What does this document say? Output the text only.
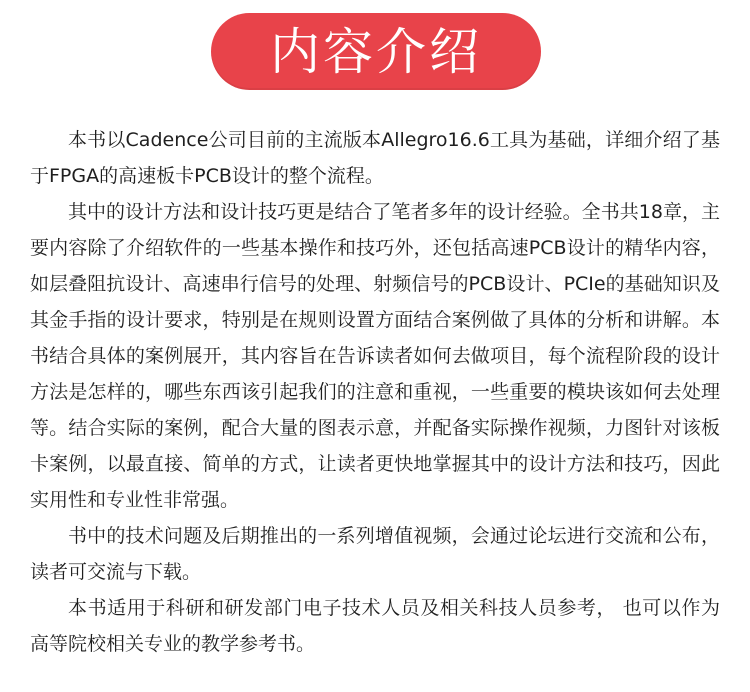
内容介绍

本书以Cadence公司目前的主流版本Allegro16.6工具为基础，详细介绍了基于FPGA的高速板卡PCB设计的整个流程。

其中的设计方法和设计技巧更是结合了笔者多年的设计经验。全书共18章，主要内容除了介绍软件的一些基本操作和技巧外，还包括高速PCB设计的精华内容，如层叠阻抗设计、高速串行信号的处理、射频信号的PCB设计、PCIe的基础知识及其金手指的设计要求，特别是在规则设置方面结合案例做了具体的分析和讲解。本书结合具体的案例展开，其内容旨在告诉读者如何去做项目，每个流程阶段的设计方法是怎样的，哪些东西该引起我们的注意和重视，一些重要的模块该如何去处理等。结合实际的案例，配合大量的图表示意，并配备实际操作视频，力图针对该板卡案例，以最直接、简单的方式，让读者更快地掌握其中的设计方法和技巧，因此实用性和专业性非常强。

书中的技术问题及后期推出的一系列增值视频，会通过论坛进行交流和公布，读者可交流与下载。

本书适用于科研和研发部门电子技术人员及相关科技人员参考， 也可以作为高等院校相关专业的教学参考书。
